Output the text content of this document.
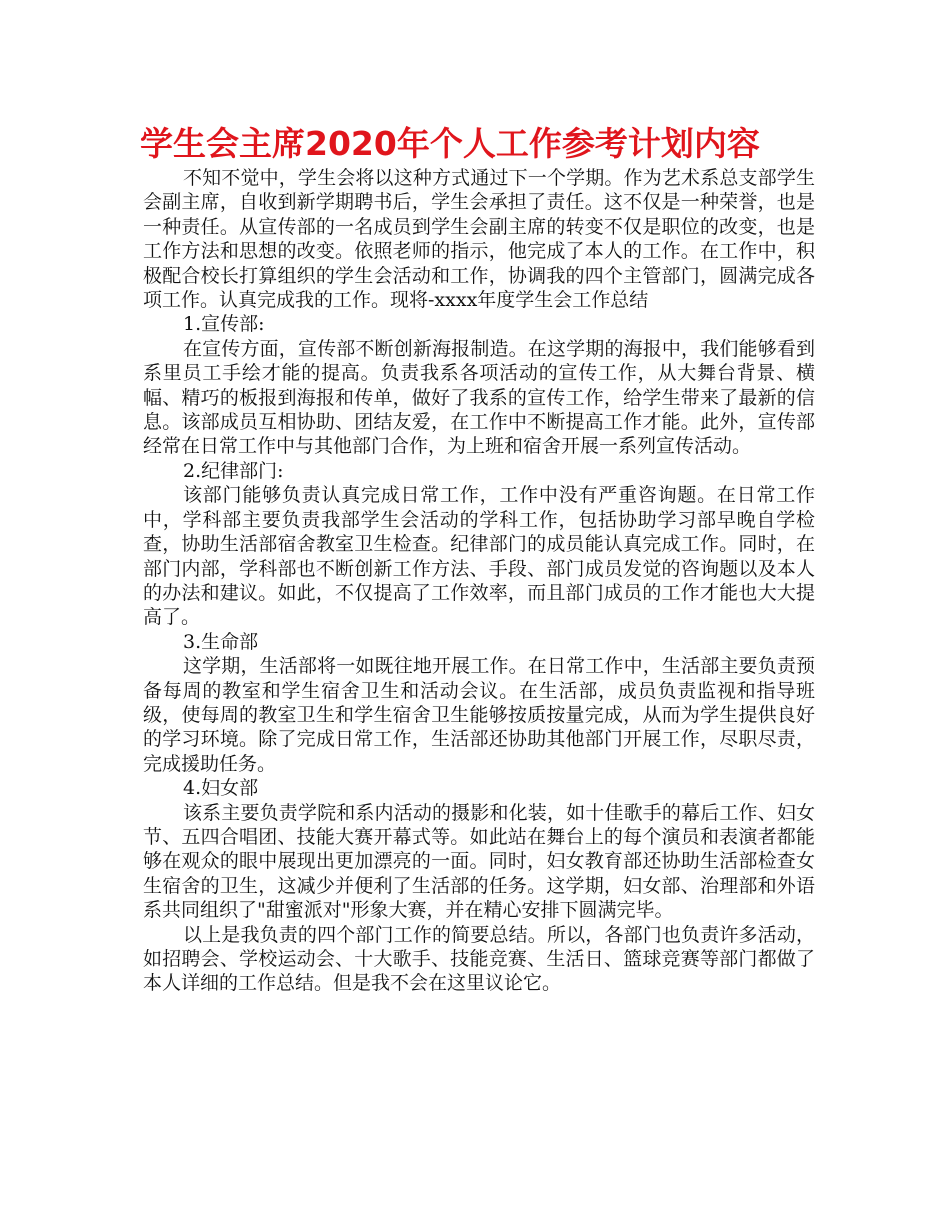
学生会主席2020年个人工作参考计划内容

不知不觉中，学生会将以这种方式通过下一个学期。作为艺术系总支部学生会副主席，自收到新学期聘书后，学生会承担了责任。这不仅是一种荣誉，也是一种责任。从宣传部的一名成员到学生会副主席的转变不仅是职位的改变，也是工作方法和思想的改变。依照老师的指示，他完成了本人的工作。在工作中，积极配合校长打算组织的学生会活动和工作，协调我的四个主管部门，圆满完成各项工作。认真完成我的工作。现将-xxxx年度学生会工作总结

1.宣传部:

在宣传方面，宣传部不断创新海报制造。在这学期的海报中，我们能够看到系里员工手绘才能的提高。负责我系各项活动的宣传工作，从大舞台背景、横幅、精巧的板报到海报和传单，做好了我系的宣传工作，给学生带来了最新的信息。该部成员互相协助、团结友爱，在工作中不断提高工作才能。此外，宣传部经常在日常工作中与其他部门合作，为上班和宿舍开展一系列宣传活动。

2.纪律部门:

该部门能够负责认真完成日常工作，工作中没有严重咨询题。在日常工作中，学科部主要负责我部学生会活动的学科工作，包括协助学习部早晚自学检查，协助生活部宿舍教室卫生检查。纪律部门的成员能认真完成工作。同时，在部门内部，学科部也不断创新工作方法、手段、部门成员发觉的咨询题以及本人的办法和建议。如此，不仅提高了工作效率，而且部门成员的工作才能也大大提高了。

3.生命部

这学期，生活部将一如既往地开展工作。在日常工作中，生活部主要负责预备每周的教室和学生宿舍卫生和活动会议。在生活部，成员负责监视和指导班级，使每周的教室卫生和学生宿舍卫生能够按质按量完成，从而为学生提供良好的学习环境。除了完成日常工作，生活部还协助其他部门开展工作，尽职尽责，完成援助任务。

4.妇女部

该系主要负责学院和系内活动的摄影和化装，如十佳歌手的幕后工作、妇女节、五四合唱团、技能大赛开幕式等。如此站在舞台上的每个演员和表演者都能够在观众的眼中展现出更加漂亮的一面。同时，妇女教育部还协助生活部检查女生宿舍的卫生，这减少并便利了生活部的任务。这学期，妇女部、治理部和外语系共同组织了"甜蜜派对"形象大赛，并在精心安排下圆满完毕。

以上是我负责的四个部门工作的简要总结。所以，各部门也负责许多活动，如招聘会、学校运动会、十大歌手、技能竞赛、生活日、篮球竞赛等部门都做了本人详细的工作总结。但是我不会在这里议论它。
